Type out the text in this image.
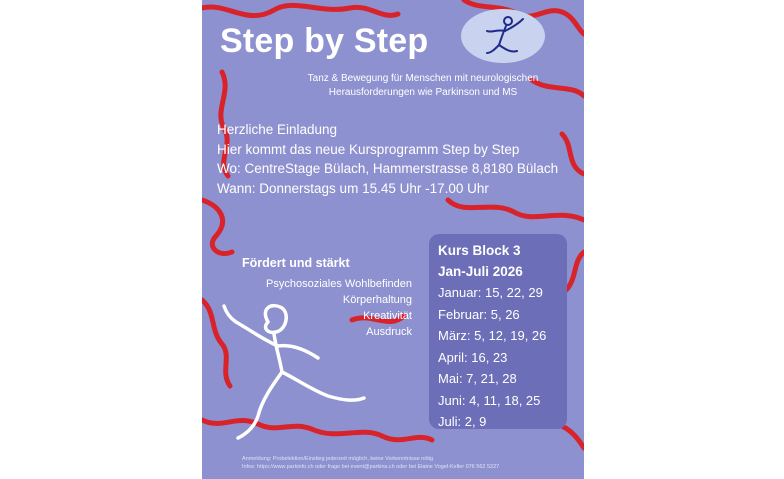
Step by Step
Tanz & Bewegung für Menschen mit neurologischen
Herausforderungen wie Parkinson und MS
Herzliche Einladung
Hier kommt das neue Kursprogramm Step by Step
Wo: CentreStage Bülach, Hammerstrasse 8,8180 Bülach
Wann: Donnerstags um 15.45 Uhr -17.00 Uhr
Fördert und stärkt
Psychosoziales Wohlbefinden
Körperhaltung
Kreativität
Ausdruck
Kurs Block 3
Jan-Juli 2026
Januar: 15, 22, 29
Februar: 5, 26
März: 5, 12, 19, 26
April: 16, 23
Mai: 7, 21, 28
Juni: 4, 11, 18, 25
Juli: 2, 9
Anmeldung: Probelektion/Einstieg jederzeit möglich, keine Vorkenntnisse nötig
Infos: https://www.parkinfo.ch oder frage bei event@parkins.ch oder bei Elaine Vogel-Keller 076 562 5227
